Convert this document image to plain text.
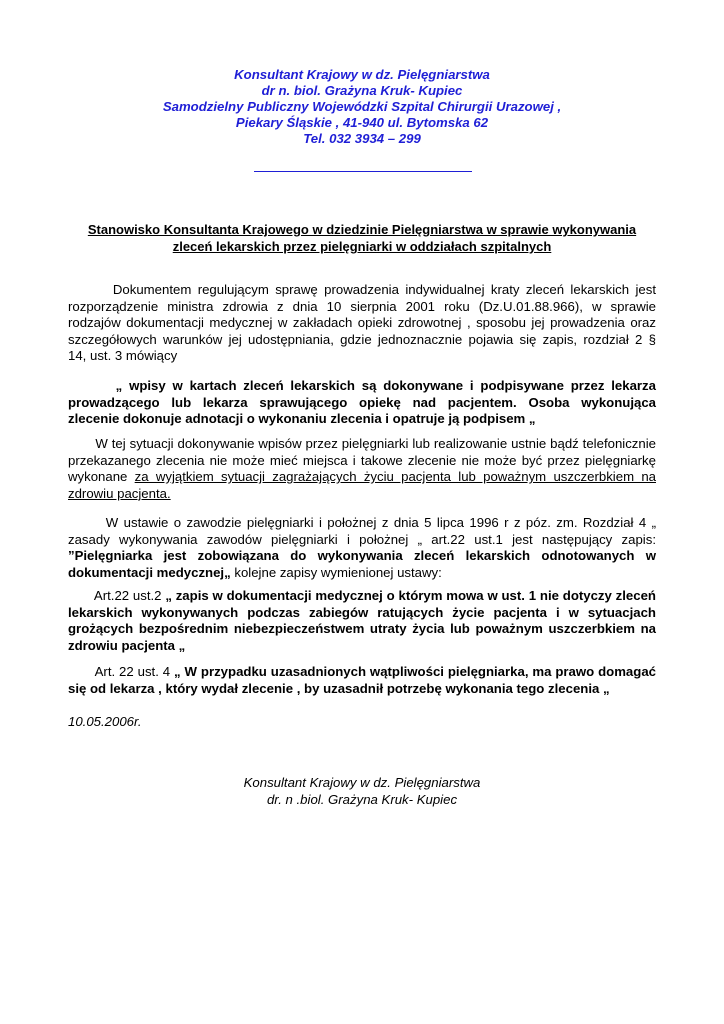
Konsultant Krajowy w dz. Pielęgniarstwa
dr n. biol. Grażyna Kruk- Kupiec
Samodzielny Publiczny Wojewódzki Szpital Chirurgii Urazowej ,
Piekary Śląskie , 41-940 ul. Bytomska 62
Tel. 032 3934 – 299
Stanowisko Konsultanta Krajowego w dziedzinie Pielęgniarstwa w sprawie wykonywania
zleceń lekarskich przez pielęgniarki w oddziałach szpitalnych
Dokumentem regulującym sprawę prowadzenia indywidualnej kraty zleceń lekarskich jest
rozporządzenie ministra zdrowia z dnia 10 sierpnia 2001 roku (Dz.U.01.88.966), w sprawie
rodzajów dokumentacji medycznej w zakładach opieki zdrowotnej , sposobu jej prowadzenia oraz
szczegółowych warunków jej udostępniania, gdzie jednoznacznie pojawia się zapis, rozdział 2 §
14, ust. 3 mówiący
„ wpisy w kartach zleceń lekarskich są dokonywane i podpisywane przez lekarza
prowadzącego lub lekarza sprawującego opiekę nad pacjentem. Osoba wykonująca
zlecenie dokonuje adnotacji o wykonaniu zlecenia i opatruje ją podpisem „
W tej sytuacji dokonywanie wpisów przez pielęgniarki lub realizowanie ustnie bądź telefonicznie
przekazanego zlecenia nie może mieć miejsca i takowe zlecenie nie może być przez pielęgniarkę
wykonane za wyjątkiem sytuacji zagrażających życiu pacjenta lub poważnym uszczerbkiem na
zdrowiu pacjenta.
W ustawie o zawodzie pielęgniarki i położnej z dnia 5 lipca 1996 r z póz. zm. Rozdział 4 „
zasady wykonywania zawodów pielęgniarki i położnej „ art.22 ust.1 jest następujący zapis:
”Pielęgniarka jest zobowiązana do wykonywania zleceń lekarskich odnotowanych w
dokumentacji medycznej„ kolejne zapisy wymienionej ustawy:
Art.22 ust.2 „ zapis w dokumentacji medycznej o którym mowa w ust. 1 nie dotyczy zleceń
lekarskich wykonywanych podczas zabiegów ratujących życie pacjenta i w sytuacjach
grożących bezpośrednim niebezpieczeństwem utraty życia lub poważnym uszczerbkiem na
zdrowiu pacjenta „
Art. 22 ust. 4 „ W przypadku uzasadnionych wątpliwości pielęgniarka, ma prawo domagać
się od lekarza , który wydał zlecenie , by uzasadnił potrzebę wykonania tego zlecenia „
10.05.2006r.
Konsultant Krajowy w dz. Pielęgniarstwa
dr. n .biol. Grażyna Kruk- Kupiec
